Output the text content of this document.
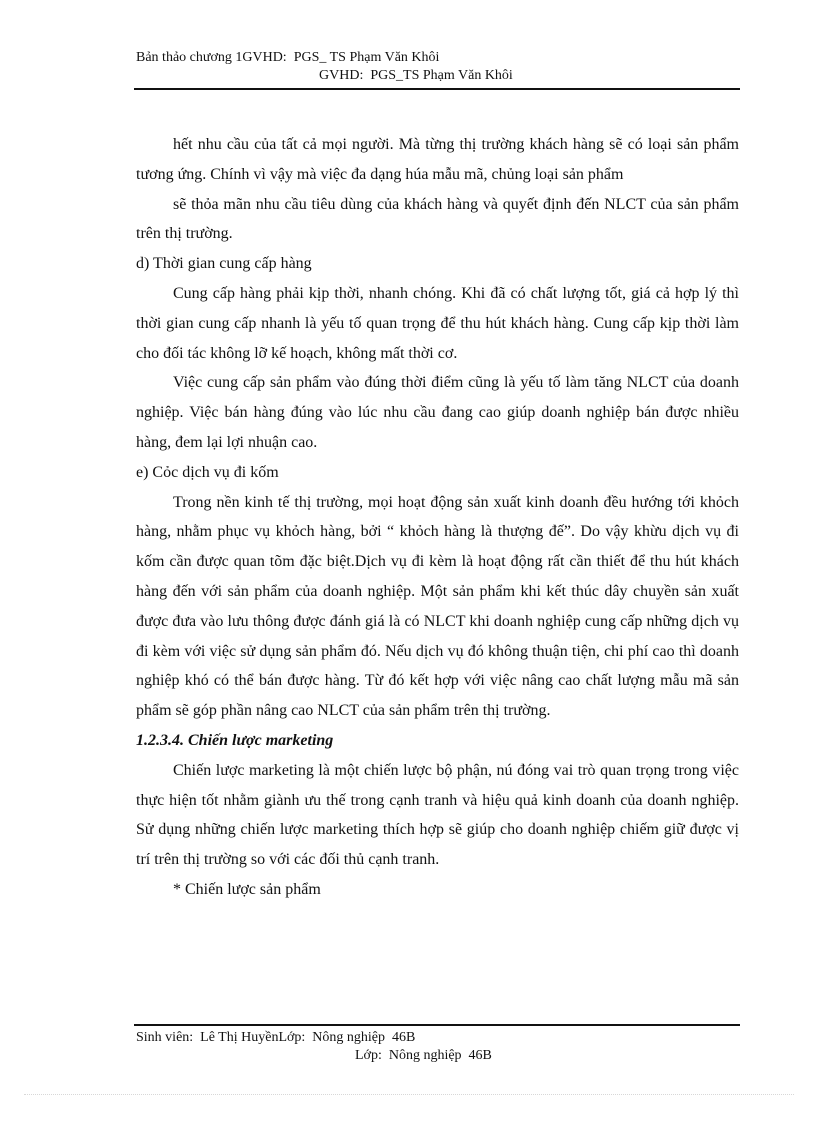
Bản thảo chương 1GVHD:  PGS_ TS Phạm Văn Khôi
GVHD:  PGS_TS Phạm Văn Khôi

hết nhu cầu của tất cả mọi người. Mà từng thị trường khách hàng sẽ có loại sản phẩm tương ứng. Chính vì vậy mà việc đa dạng húa mẫu mã, chủng loại sản phẩm

sẽ thỏa mãn nhu cầu tiêu dùng của khách hàng và quyết định đến NLCT của sản phẩm trên thị trường.

d) Thời gian cung cấp hàng

Cung cấp hàng phải kịp thời, nhanh chóng. Khi đã có chất lượng tốt, giá cả hợp lý thì thời gian cung cấp nhanh là yếu tố quan trọng để thu hút khách hàng. Cung cấp kịp thời làm cho đối tác không lỡ kế hoạch, không mất thời cơ.

Việc cung cấp sản phẩm vào đúng thời điểm cũng là yếu tố làm tăng NLCT của doanh nghiệp. Việc bán hàng đúng vào lúc nhu cầu đang cao giúp doanh nghiệp bán được nhiều hàng, đem lại lợi nhuận cao.

e) Cỏc dịch vụ đi kốm

Trong nền kinh tế thị trường, mọi hoạt động sản xuất kinh doanh đều hướng tới khỏch hàng, nhằm phục vụ khỏch hàng, bởi “ khỏch hàng là thượng đế”. Do vậy khừu dịch vụ đi kốm cần được quan tõm đặc biệt.Dịch vụ đi kèm là hoạt động rất cần thiết để thu hút khách hàng đến với sản phẩm của doanh nghiệp. Một sản phẩm khi kết thúc dây chuyền sản xuất được đưa vào lưu thông được đánh giá là có NLCT khi doanh nghiệp cung cấp những dịch vụ đi kèm với việc sử dụng sản phẩm đó. Nếu dịch vụ đó không thuận tiện, chi phí cao thì doanh nghiệp khó có thể bán được hàng. Từ đó kết hợp với việc nâng cao chất lượng mẫu mã sản phẩm sẽ góp phần nâng cao NLCT của sản phẩm trên thị trường.

1.2.3.4. Chiến lược marketing

Chiến lược marketing là một chiến lược bộ phận, nú đóng vai trò quan trọng trong việc thực hiện tốt nhằm giành ưu thế trong cạnh tranh và hiệu quả kinh doanh của doanh nghiệp. Sử dụng những chiến lược marketing thích hợp sẽ giúp cho doanh nghiệp chiếm giữ được vị trí trên thị trường so với các đối thủ cạnh tranh.

* Chiến lược sản phẩm

Sinh viên:  Lê Thị HuyềnLớp:  Nông nghiệp  46B
Lớp:  Nông nghiệp  46B
